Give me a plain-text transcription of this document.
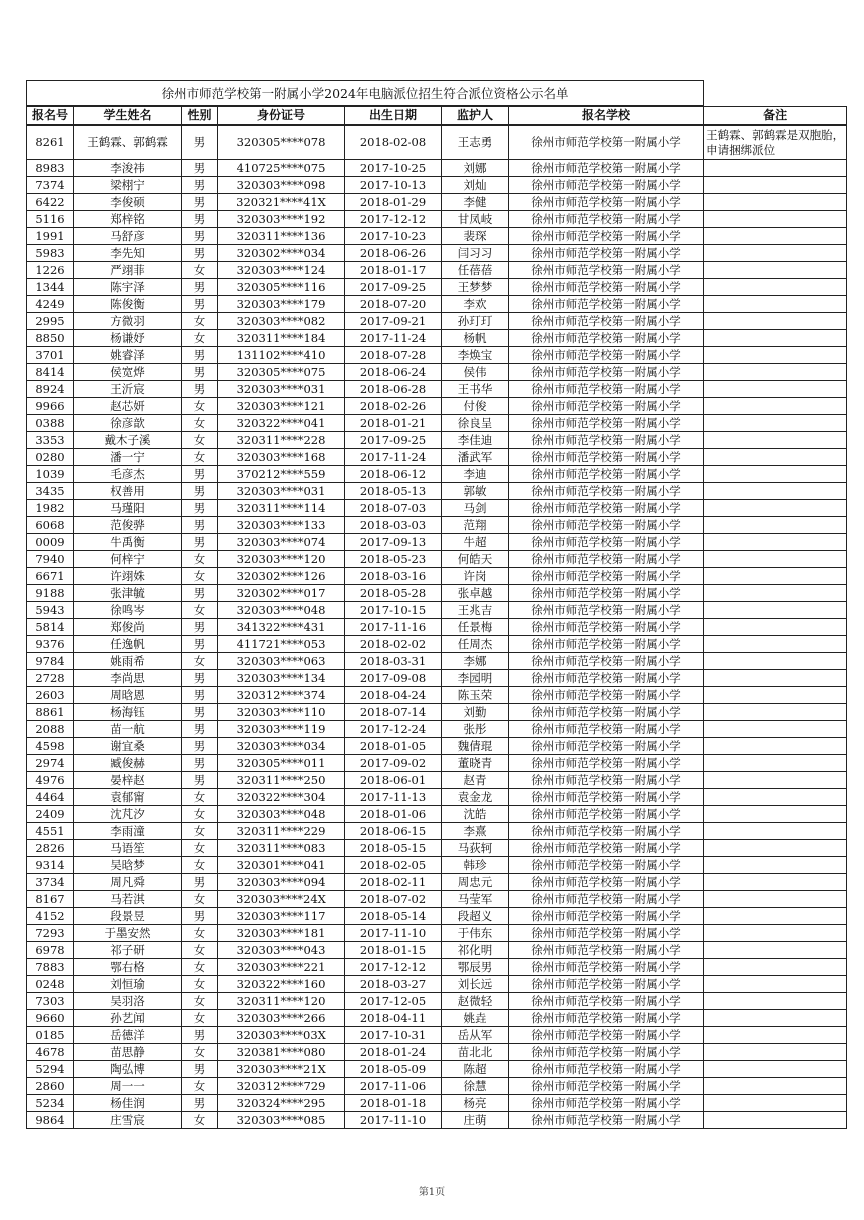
徐州市师范学校第一附属小学2024年电脑派位招生符合派位资格公示名单							
报名号	学生姓名	性别	身份证号	出生日期	监护人	报名学校	备注
8261	王鹤霖、郭鹤霖	男	320305****078	2018-02-08	王志勇	徐州市师范学校第一附属小学	王鹤霖、郭鹤霖是双胞胎，申请捆绑派位
8983	李浚祎	男	410725****075	2017-10-25	刘娜	徐州市师范学校第一附属小学	
7374	梁栩宁	男	320303****098	2017-10-13	刘灿	徐州市师范学校第一附属小学	
6422	李俊硕	男	320321****41X	2018-01-29	李健	徐州市师范学校第一附属小学	
5116	郑梓铭	男	320303****192	2017-12-12	甘凤岐	徐州市师范学校第一附属小学	
1991	马舒彦	男	320311****136	2017-10-23	裴琛	徐州市师范学校第一附属小学	
5983	李先知	男	320302****034	2018-06-26	闫习习	徐州市师范学校第一附属小学	
1226	严翊菲	女	320303****124	2018-01-17	任蓓蓓	徐州市师范学校第一附属小学	
1344	陈宇泽	男	320305****116	2017-09-25	王梦梦	徐州市师范学校第一附属小学	
4249	陈俊衡	男	320303****179	2018-07-20	李欢	徐州市师范学校第一附属小学	
2995	方微羽	女	320303****082	2017-09-21	孙玎玎	徐州市师范学校第一附属小学	
8850	杨谦妤	女	320311****184	2017-11-24	杨帆	徐州市师范学校第一附属小学	
3701	姚睿泽	男	131102****410	2018-07-28	李焕宝	徐州市师范学校第一附属小学	
8414	侯宽烨	男	320305****075	2018-06-24	侯伟	徐州市师范学校第一附属小学	
8924	王沂宸	男	320303****031	2018-06-28	王书华	徐州市师范学校第一附属小学	
9966	赵芯妍	女	320303****121	2018-02-26	付俊	徐州市师范学校第一附属小学	
0388	徐彦歆	女	320322****041	2018-01-21	徐良呈	徐州市师范学校第一附属小学	
3353	戴木子溪	女	320311****228	2017-09-25	李佳迪	徐州市师范学校第一附属小学	
0280	潘一宁	女	320303****168	2017-11-24	潘武军	徐州市师范学校第一附属小学	
1039	毛彦杰	男	370212****559	2018-06-12	李迪	徐州市师范学校第一附属小学	
3435	权善用	男	320303****031	2018-05-13	郭敏	徐州市师范学校第一附属小学	
1982	马瑾阳	男	320311****114	2018-07-03	马剑	徐州市师范学校第一附属小学	
6068	范俊骅	男	320303****133	2018-03-03	范翔	徐州市师范学校第一附属小学	
0009	牛禹衡	男	320303****074	2017-09-13	牛超	徐州市师范学校第一附属小学	
7940	何梓宁	女	320303****120	2018-05-23	何皓天	徐州市师范学校第一附属小学	
6671	许翊姝	女	320302****126	2018-03-16	许岗	徐州市师范学校第一附属小学	
9188	张津毓	男	320302****017	2018-05-28	张卓越	徐州市师范学校第一附属小学	
5943	徐鸣岑	女	320303****048	2017-10-15	王兆吉	徐州市师范学校第一附属小学	
5814	郑俊尚	男	341322****431	2017-11-16	任景梅	徐州市师范学校第一附属小学	
9376	任逸帆	男	411721****053	2018-02-02	任周杰	徐州市师范学校第一附属小学	
9784	姚雨希	女	320303****063	2018-03-31	李娜	徐州市师范学校第一附属小学	
2728	李尚思	男	320303****134	2017-09-08	李园明	徐州市师范学校第一附属小学	
2603	周晗恩	男	320312****374	2018-04-24	陈玉荣	徐州市师范学校第一附属小学	
8861	杨海钰	男	320303****110	2018-07-14	刘勤	徐州市师范学校第一附属小学	
2088	苗一航	男	320303****119	2017-12-24	张彤	徐州市师范学校第一附属小学	
4598	谢宜桑	男	320303****034	2018-01-05	魏倩琨	徐州市师范学校第一附属小学	
2974	臧俊赫	男	320305****011	2017-09-02	董晓青	徐州市师范学校第一附属小学	
4976	晏梓赵	男	320311****250	2018-06-01	赵青	徐州市师范学校第一附属小学	
4464	袁郁甯	女	320322****304	2017-11-13	袁金龙	徐州市师范学校第一附属小学	
2409	沈芃汐	女	320303****048	2018-01-06	沈皓	徐州市师范学校第一附属小学	
4551	李雨潼	女	320311****229	2018-06-15	李熹	徐州市师范学校第一附属小学	
2826	马语笙	女	320311****083	2018-05-15	马荻轲	徐州市师范学校第一附属小学	
9314	吴晗梦	女	320301****041	2018-02-05	韩珍	徐州市师范学校第一附属小学	
3734	周凡舜	男	320303****094	2018-02-11	周忠元	徐州市师范学校第一附属小学	
8167	马若淇	女	320303****24X	2018-07-02	马莹军	徐州市师范学校第一附属小学	
4152	段景昱	男	320303****117	2018-05-14	段超义	徐州市师范学校第一附属小学	
7293	于墨安然	女	320303****181	2017-11-10	于伟东	徐州市师范学校第一附属小学	
6978	祁子研	女	320303****043	2018-01-15	祁化明	徐州市师范学校第一附属小学	
7883	鄂右格	女	320303****221	2017-12-12	鄂辰男	徐州市师范学校第一附属小学	
0248	刘恒瑜	女	320322****160	2018-03-27	刘长远	徐州市师范学校第一附属小学	
7303	吴羽洛	女	320311****120	2017-12-05	赵微轻	徐州市师范学校第一附属小学	
9660	孙艺闻	女	320303****266	2018-04-11	姚垚	徐州市师范学校第一附属小学	
0185	岳德洋	男	320303****03X	2017-10-31	岳从军	徐州市师范学校第一附属小学	
4678	苗思静	女	320381****080	2018-01-24	苗北北	徐州市师范学校第一附属小学	
5294	陶弘博	男	320303****21X	2018-05-09	陈超	徐州市师范学校第一附属小学	
2860	周一一	女	320312****729	2017-11-06	徐慧	徐州市师范学校第一附属小学	
5234	杨佳润	男	320324****295	2018-01-18	杨亮	徐州市师范学校第一附属小学	
9864	庄雪宸	女	320303****085	2017-11-10	庄萌	徐州市师范学校第一附属小学	
第1页
